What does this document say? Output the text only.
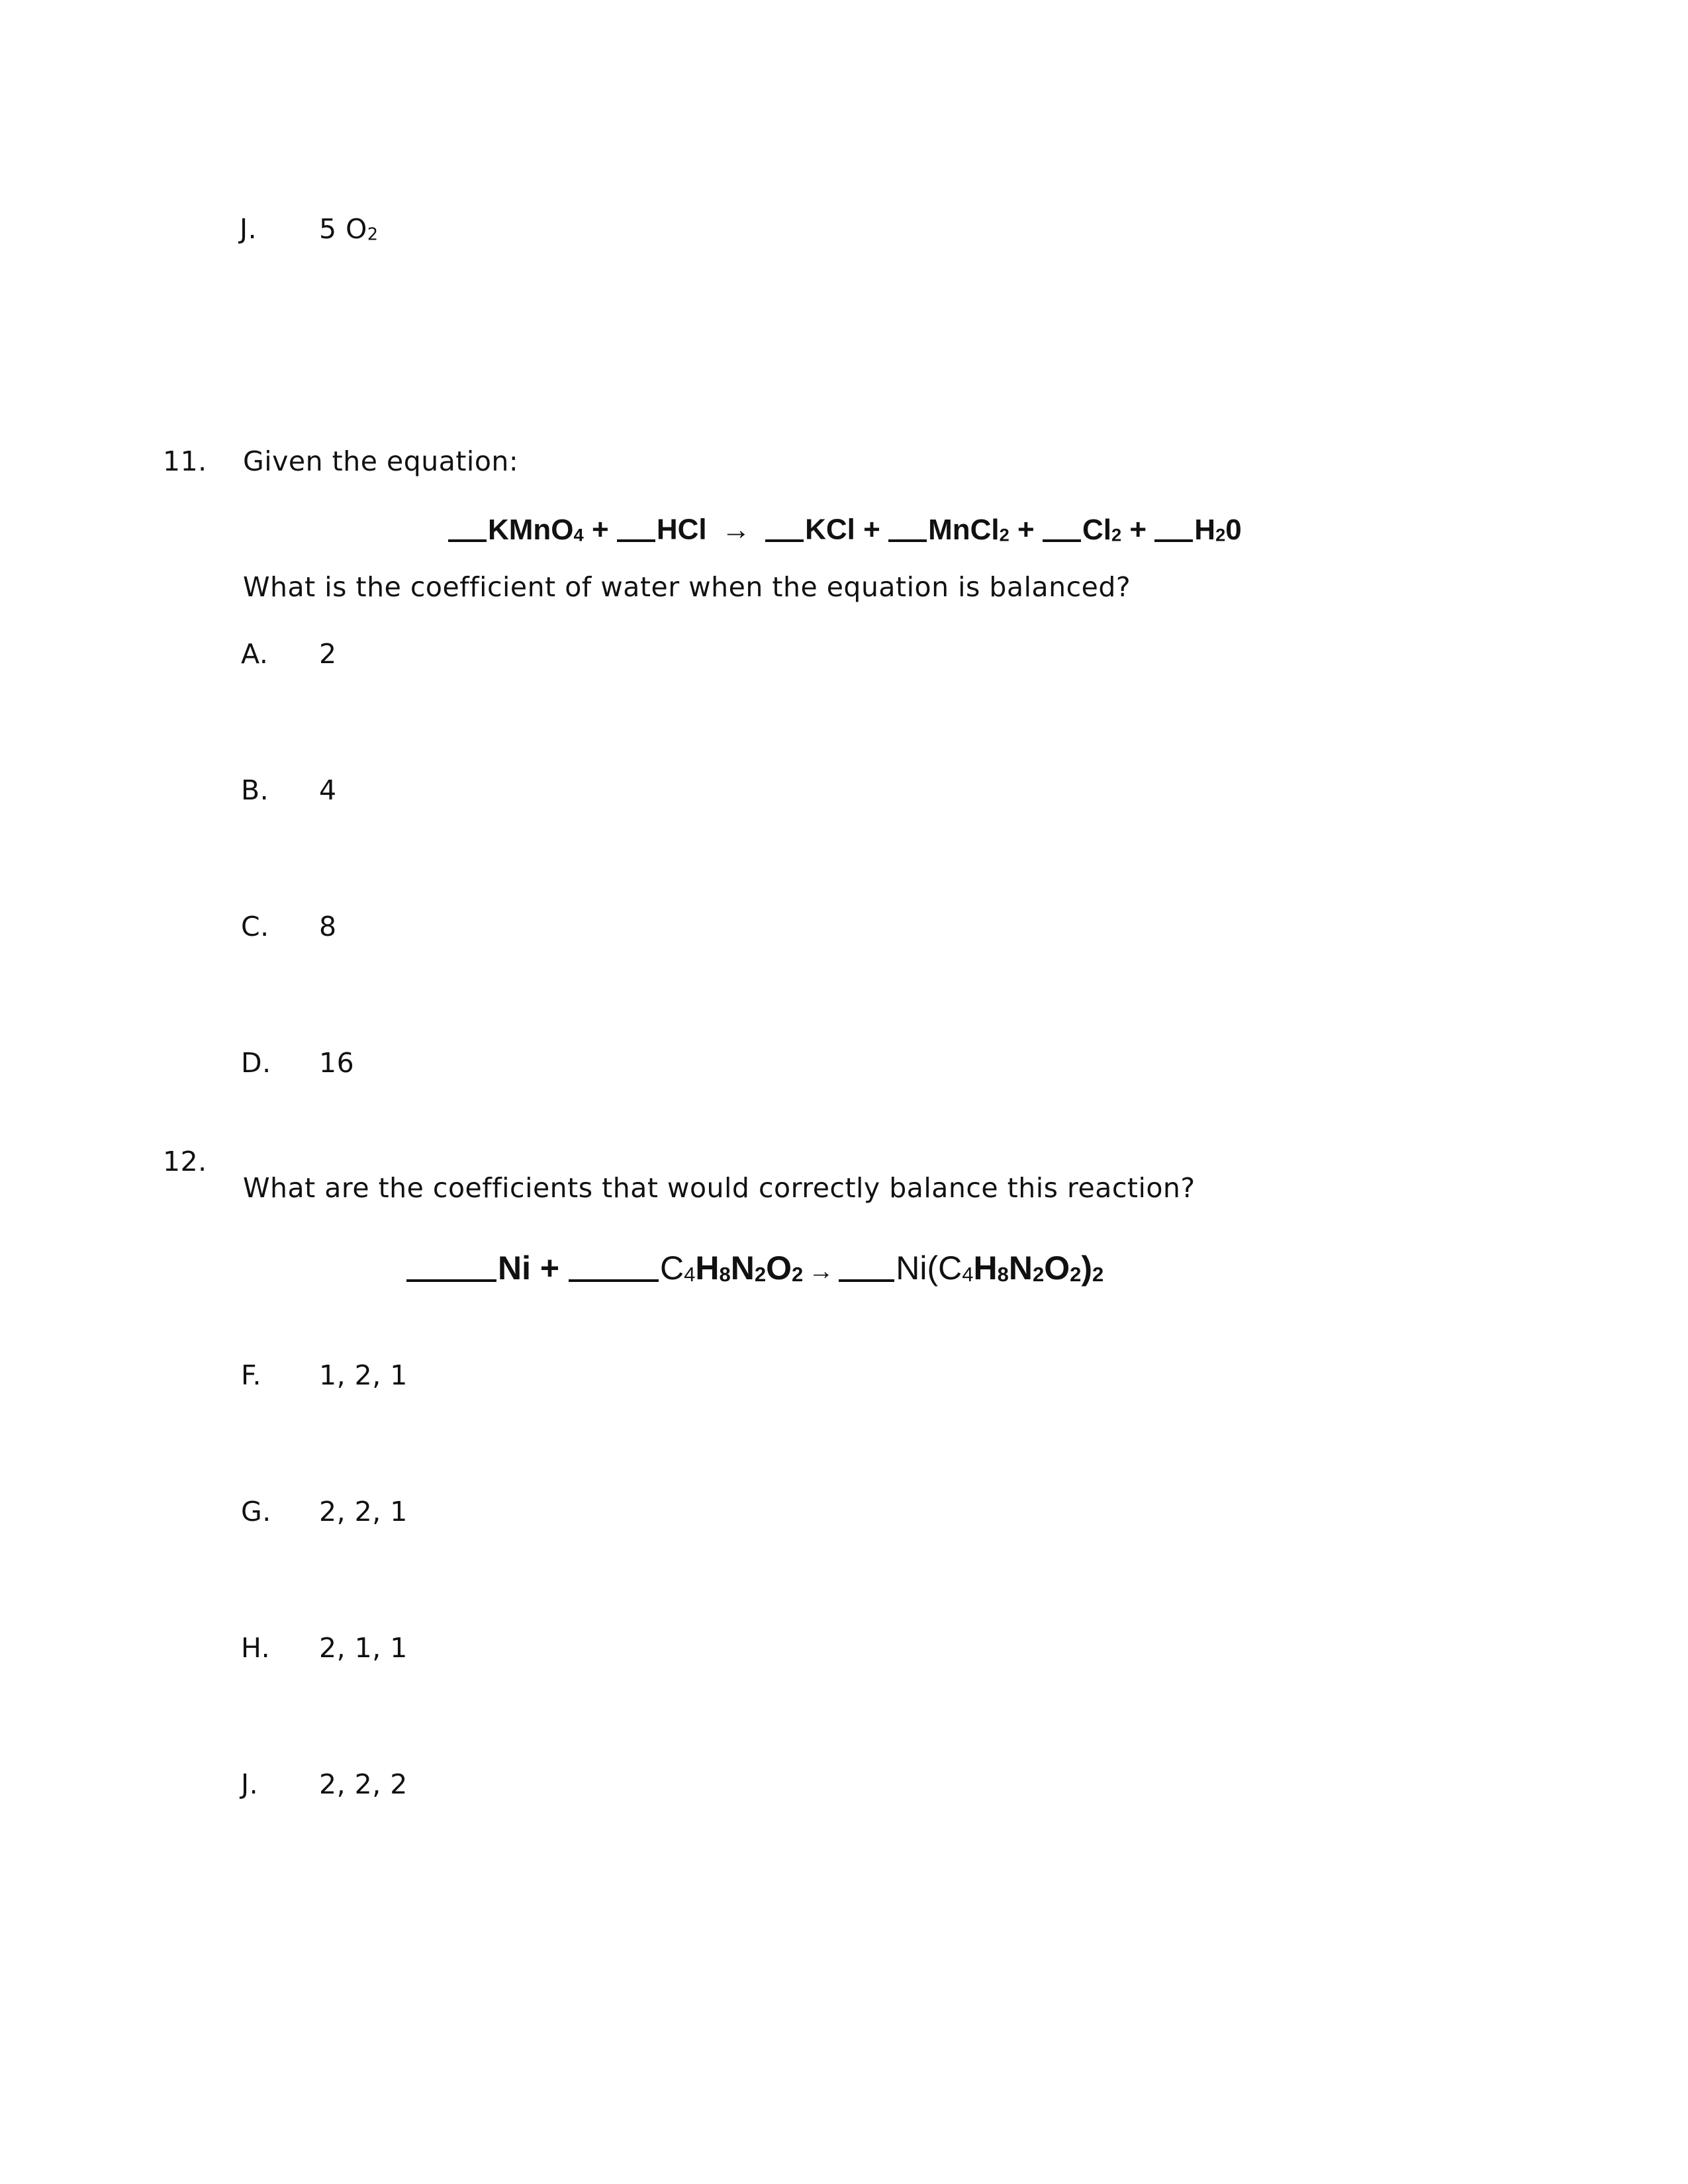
J. 5 O2
11. Given the equation:
KMnO$_4$ + HCl → KCl + MnCl$_2$ + $Cl_2 + H_20$
What is the coefficient of water when the equation is balanced?
A. 2
B. 4
C. 8
D. 16
12.
What are the coefficients that would correctly balance this reaction?
Ni +	$C_4H_8N_2O_2 \to Ni(C_4H_8N_2O_2)_2$
F. 1, 2, 1
G. 2, 2, 1
H. 2, 1, 1
J. 2, 2, 2
